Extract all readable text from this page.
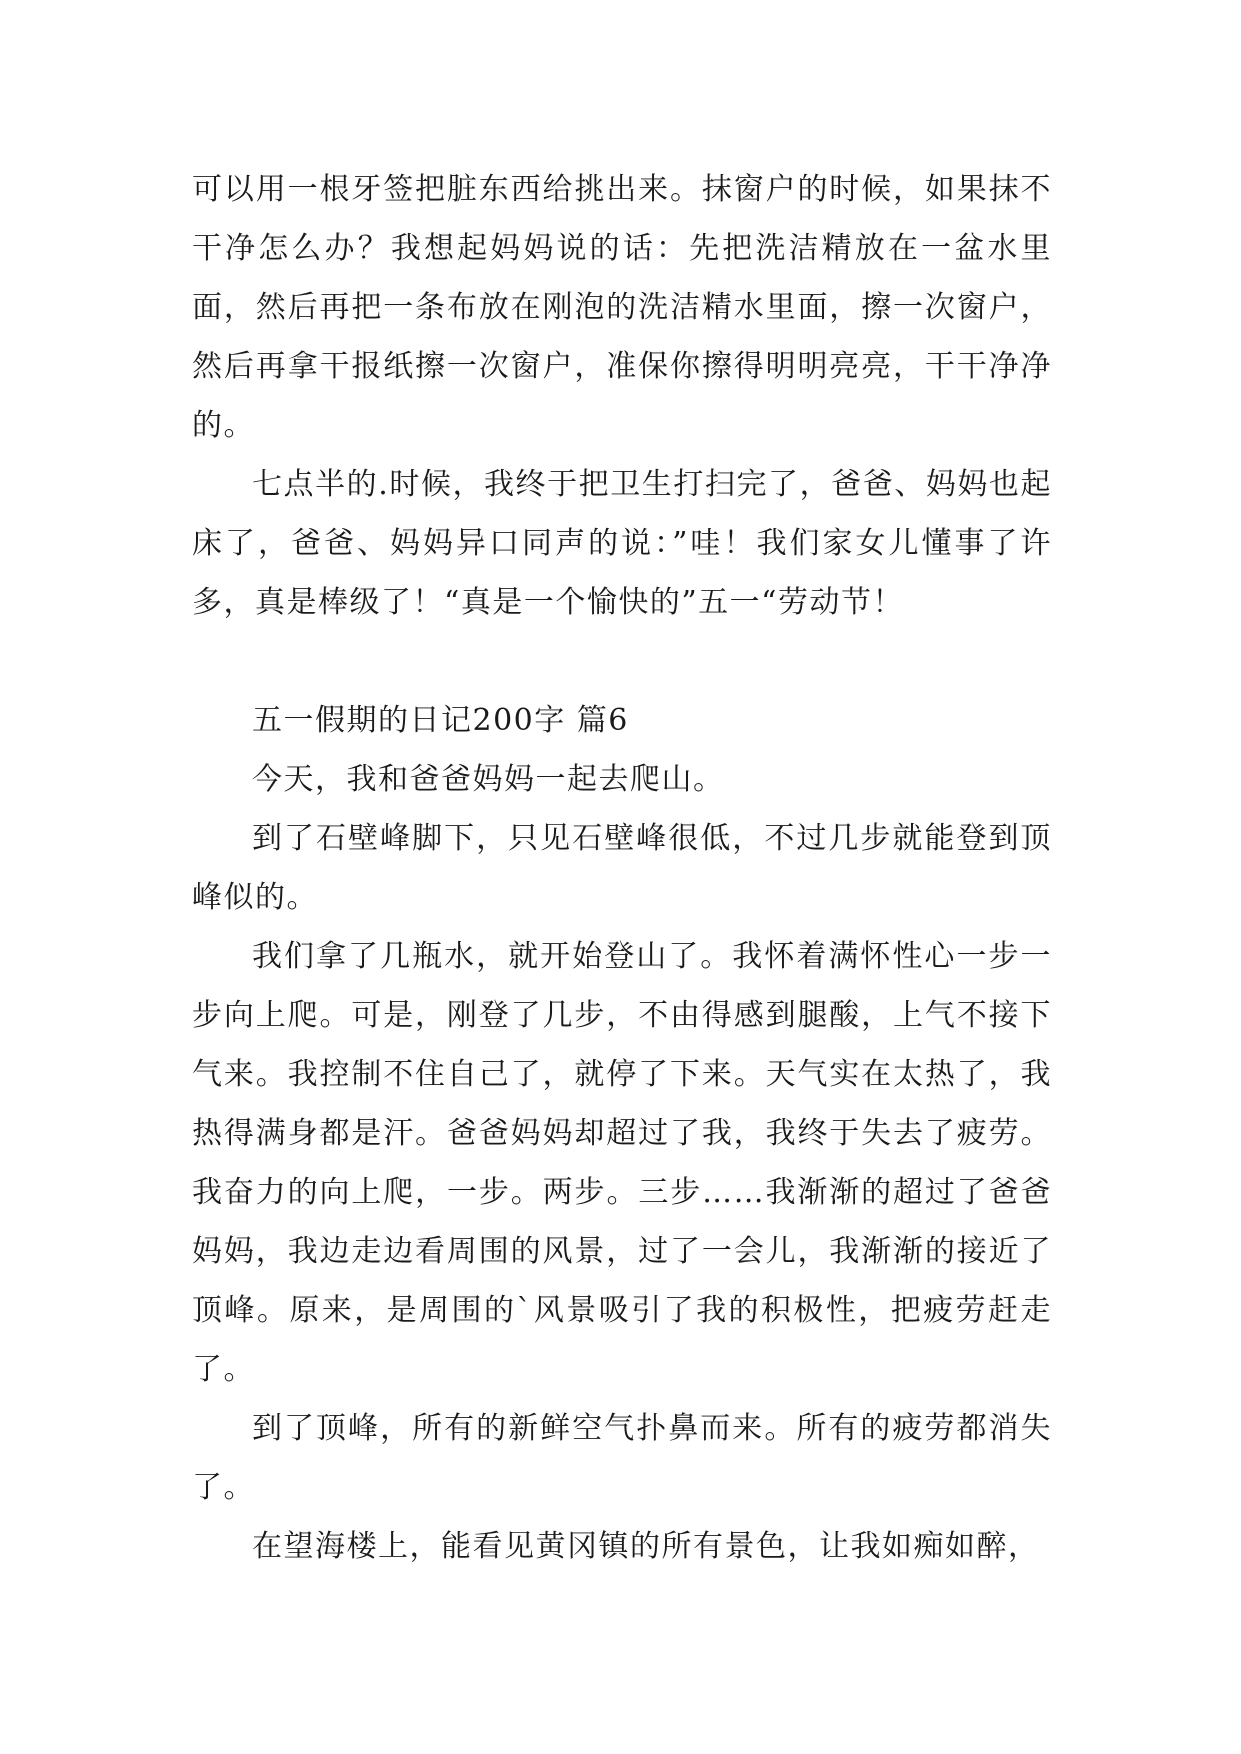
可以用一根牙签把脏东西给挑出来。抹窗户的时候，如果抹不干净怎么办？我想起妈妈说的话：先把洗洁精放在一盆水里面，然后再把一条布放在刚泡的洗洁精水里面，擦一次窗户，然后再拿干报纸擦一次窗户，准保你擦得明明亮亮，干干净净的。

七点半的.时候，我终于把卫生打扫完了，爸爸、妈妈也起床了，爸爸、妈妈异口同声的说：”哇！我们家女儿懂事了许多，真是棒级了！“真是一个愉快的”五一“劳动节！

五一假期的日记200字 篇6

今天，我和爸爸妈妈一起去爬山。

到了石壁峰脚下，只见石壁峰很低，不过几步就能登到顶峰似的。

我们拿了几瓶水，就开始登山了。我怀着满怀性心一步一步向上爬。可是，刚登了几步，不由得感到腿酸，上气不接下气来。我控制不住自己了，就停了下来。天气实在太热了，我热得满身都是汗。爸爸妈妈却超过了我，我终于失去了疲劳。我奋力的向上爬，一步。两步。三步……我渐渐的超过了爸爸妈妈，我边走边看周围的风景，过了一会儿，我渐渐的接近了顶峰。原来，是周围的`风景吸引了我的积极性，把疲劳赶走了。

到了顶峰，所有的新鲜空气扑鼻而来。所有的疲劳都消失了。

在望海楼上，能看见黄冈镇的所有景色，让我如痴如醉，
